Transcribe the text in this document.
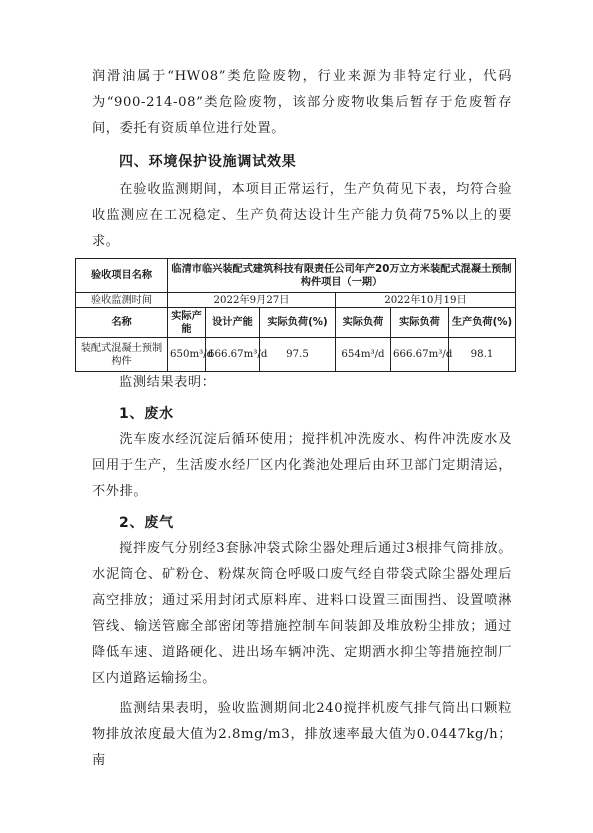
润滑油属于“HW08”类危险废物，行业来源为非特定行业，代码为“900-214-08”类危险废物，该部分废物收集后暂存于危废暂存间，委托有资质单位进行处置。

四、环境保护设施调试效果

在验收监测期间，本项目正常运行，生产负荷见下表，均符合验收监测应在工况稳定、生产负荷达设计生产能力负荷75%以上的要求。

验收项目名称	临清市临兴装配式建筑科技有限责任公司年产20万立方米装配式混凝土预制构件项目（一期）					
验收监测时间	2022年9月27日			2022年10月19日		
名称	实际产能	设计产能	实际负荷(%)	实际负荷	实际负荷	生产负荷(%)
装配式混凝土预制构件	650m³/d	666.67m³/d	97.5	654m³/d	666.67m³/d	98.1

监测结果表明：

1、废水

洗车废水经沉淀后循环使用；搅拌机冲洗废水、构件冲洗废水及回用于生产，生活废水经厂区内化粪池处理后由环卫部门定期清运，不外排。

2、废气

搅拌废气分别经3套脉冲袋式除尘器处理后通过3根排气筒排放。水泥筒仓、矿粉仓、粉煤灰筒仓呼吸口废气经自带袋式除尘器处理后高空排放；通过采用封闭式原料库、进料口设置三面围挡、设置喷淋管线、输送管廊全部密闭等措施控制车间装卸及堆放粉尘排放；通过降低车速、道路硬化、进出场车辆冲洗、定期洒水抑尘等措施控制厂区内道路运输扬尘。

监测结果表明，验收监测期间北240搅拌机废气排气筒出口颗粒物排放浓度最大值为2.8mg/m3，排放速率最大值为0.0447kg/h；南
